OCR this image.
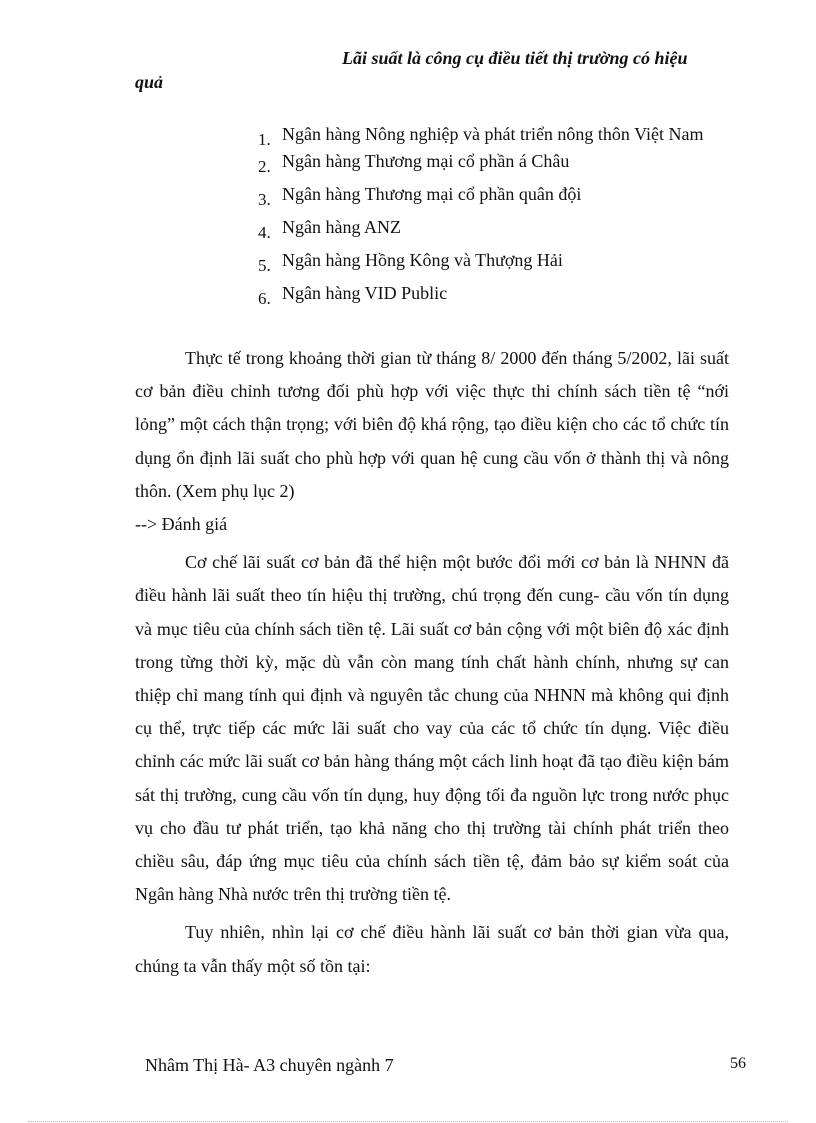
Lãi suất là công cụ điều tiết thị trường có hiệu
quả
1. Ngân hàng Nông nghiệp và phát triển nông thôn Việt Nam
2. Ngân hàng Thương mại cổ phần á Châu
3. Ngân hàng Thương mại cổ phần quân đội
4. Ngân hàng ANZ
5. Ngân hàng Hồng Kông và Thượng Hải
6. Ngân hàng VID Public

Thực tế trong khoảng thời gian từ tháng 8/ 2000 đến tháng 5/2002, lãi suất cơ bản điều chỉnh tương đối phù hợp với việc thực thi chính sách tiền tệ “nới lỏng” một cách thận trọng; với biên độ khá rộng, tạo điều kiện cho các tổ chức tín dụng ổn định lãi suất cho phù hợp với quan hệ cung cầu vốn ở thành thị và nông thôn. (Xem phụ lục 2)

--> Đánh giá

Cơ chế lãi suất cơ bản đã thể hiện một bước đổi mới cơ bản là NHNN đã điều hành lãi suất theo tín hiệu thị trường, chú trọng đến cung- cầu vốn tín dụng và mục tiêu của chính sách tiền tệ. Lãi suất cơ bản cộng với một biên độ xác định trong từng thời kỳ, mặc dù vẫn còn mang tính chất hành chính, nhưng sự can thiệp chỉ mang tính qui định và nguyên tắc chung của NHNN mà không qui định cụ thể, trực tiếp các mức lãi suất cho vay của các tổ chức tín dụng. Việc điều chỉnh các mức lãi suất cơ bản hàng tháng một cách linh hoạt đã tạo điều kiện bám sát thị trường, cung cầu vốn tín dụng, huy động tối đa nguồn lực trong nước phục vụ cho đầu tư phát triển, tạo khả năng cho thị trường tài chính phát triển theo chiều sâu, đáp ứng mục tiêu của chính sách tiền tệ, đảm bảo sự kiểm soát của Ngân hàng Nhà nước trên thị trường tiền tệ.

Tuy nhiên, nhìn lại cơ chế điều hành lãi suất cơ bản thời gian vừa qua, chúng ta vẫn thấy một số tồn tại:

Nhâm Thị Hà- A3 chuyên ngành 7	56
